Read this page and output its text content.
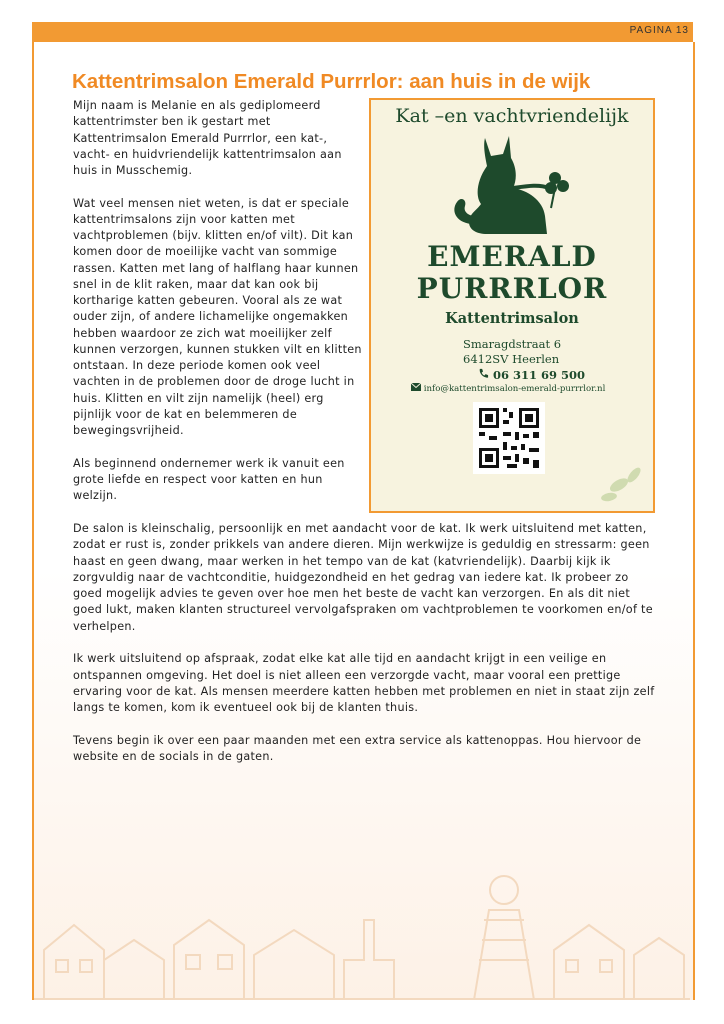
PAGINA 13
Kattentrimsalon Emerald Purrrlor: aan huis in de wijk

Mijn naam is Melanie en als gediplomeerd kattentrimster ben ik gestart met Kattentrimsalon Emerald Purrrlor, een kat-, vacht- en huidvriendelijk kattentrimsalon aan huis in Musschemig.

Wat veel mensen niet weten, is dat er speciale kattentrimsalons zijn voor katten met vachtproblemen (bijv. klitten en/of vilt). Dit kan komen door de moeilijke vacht van sommige rassen. Katten met lang of halflang haar kunnen snel in de klit raken, maar dat kan ook bij kortharige katten gebeuren. Vooral als ze wat ouder zijn, of andere lichamelijke ongemakken hebben waardoor ze zich wat moeilijker zelf kunnen verzorgen, kunnen stukken vilt en klitten ontstaan. In deze periode komen ook veel vachten in de problemen door de droge lucht in huis. Klitten en vilt zijn namelijk (heel) erg pijnlijk voor de kat en belemmeren de bewegingsvrijheid.

Als beginnend ondernemer werk ik vanuit een grote liefde en respect voor katten en hun welzijn.

Kat –en vachtvriendelijk
EMERALD
PURRRLOR
Kattentrimsalon
Smaragdstraat 6
6412SV Heerlen
06 311 69 500
info@kattentrimsalon-emerald-purrrlor.nl

De salon is kleinschalig, persoonlijk en met aandacht voor de kat. Ik werk uitsluitend met katten, zodat er rust is, zonder prikkels van andere dieren. Mijn werkwijze is geduldig en stressarm: geen haast en geen dwang, maar werken in het tempo van de kat (katvriendelijk). Daarbij kijk ik zorgvuldig naar de vachtconditie, huidgezondheid en het gedrag van iedere kat. Ik probeer zo goed mogelijk advies te geven over hoe men het beste de vacht kan verzorgen. En als dit niet goed lukt, maken klanten structureel vervolgafspraken om vachtproblemen te voorkomen en/of te verhelpen.

Ik werk uitsluitend op afspraak, zodat elke kat alle tijd en aandacht krijgt in een veilige en ontspannen omgeving. Het doel is niet alleen een verzorgde vacht, maar vooral een prettige ervaring voor de kat. Als mensen meerdere katten hebben met problemen en niet in staat zijn zelf langs te komen, kom ik eventueel ook bij de klanten thuis.

Tevens begin ik over een paar maanden met een extra service als kattenoppas. Hou hiervoor de website en de socials in de gaten.
